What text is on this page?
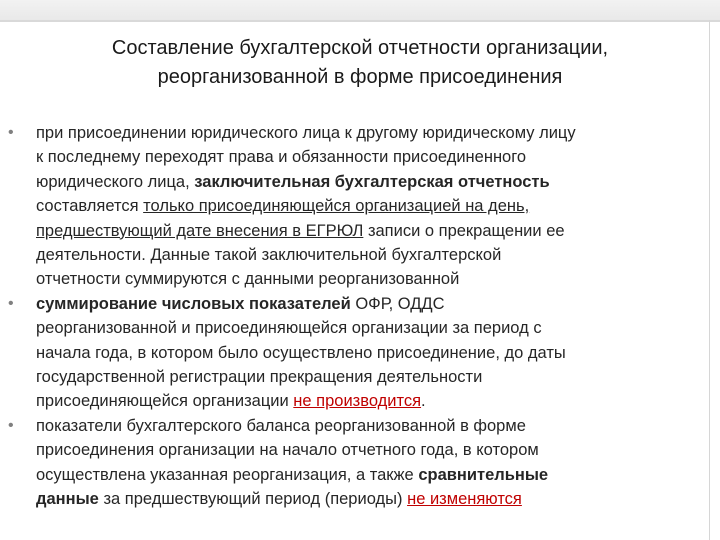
Составление бухгалтерской отчетности организации,
реорганизованной в форме присоединения
• при присоединении юридического лица к другому юридическому лицу
к последнему переходят права и обязанности присоединенного
юридического лица, заключительная бухгалтерская отчетность
составляется только присоединяющейся организацией на день,
предшествующий дате внесения в ЕГРЮЛ записи о прекращении ее
деятельности. Данные такой заключительной бухгалтерской
отчетности суммируются с данными реорганизованной
• суммирование числовых показателей ОФР, ОДДС
реорганизованной и присоединяющейся организации за период с
начала года, в котором было осуществлено присоединение, до даты
государственной регистрации прекращения деятельности
присоединяющейся организации не производится.
• показатели бухгалтерского баланса реорганизованной в форме
присоединения организации на начало отчетного года, в котором
осуществлена указанная реорганизация, а также сравнительные
данные за предшествующий период (периоды) не изменяются
